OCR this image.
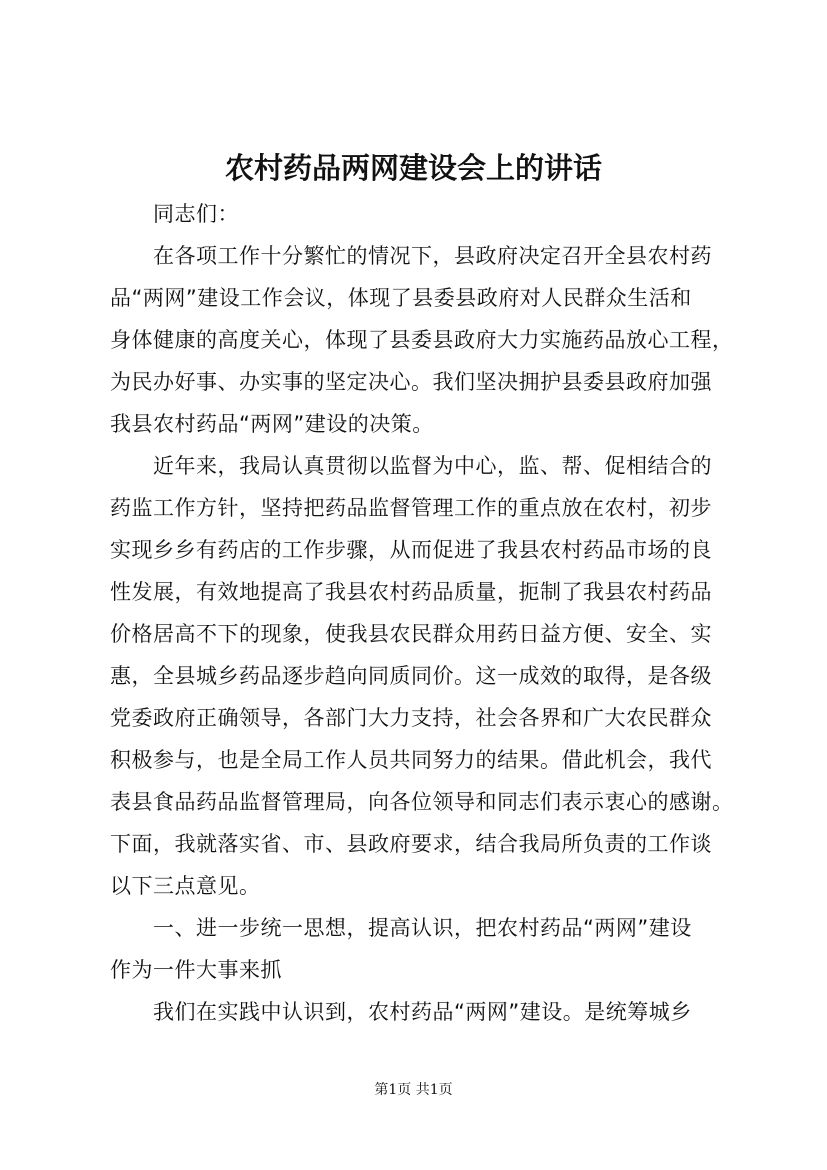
农村药品两网建设会上的讲话
同志们：
在各项工作十分繁忙的情况下，县政府决定召开全县农村药
品“两网”建设工作会议，体现了县委县政府对人民群众生活和
身体健康的高度关心，体现了县委县政府大力实施药品放心工程，
为民办好事、办实事的坚定决心。我们坚决拥护县委县政府加强
我县农村药品“两网”建设的决策。
近年来，我局认真贯彻以监督为中心，监、帮、促相结合的
药监工作方针，坚持把药品监督管理工作的重点放在农村，初步
实现乡乡有药店的工作步骤，从而促进了我县农村药品市场的良
性发展，有效地提高了我县农村药品质量，扼制了我县农村药品
价格居高不下的现象，使我县农民群众用药日益方便、安全、实
惠，全县城乡药品逐步趋向同质同价。这一成效的取得，是各级
党委政府正确领导，各部门大力支持，社会各界和广大农民群众
积极参与，也是全局工作人员共同努力的结果。借此机会，我代
表县食品药品监督管理局，向各位领导和同志们表示衷心的感谢。
下面，我就落实省、市、县政府要求，结合我局所负责的工作谈
以下三点意见。
一、进一步统一思想，提高认识，把农村药品“两网”建设
作为一件大事来抓
我们在实践中认识到，农村药品“两网”建设。是统筹城乡
第1页 共1页
